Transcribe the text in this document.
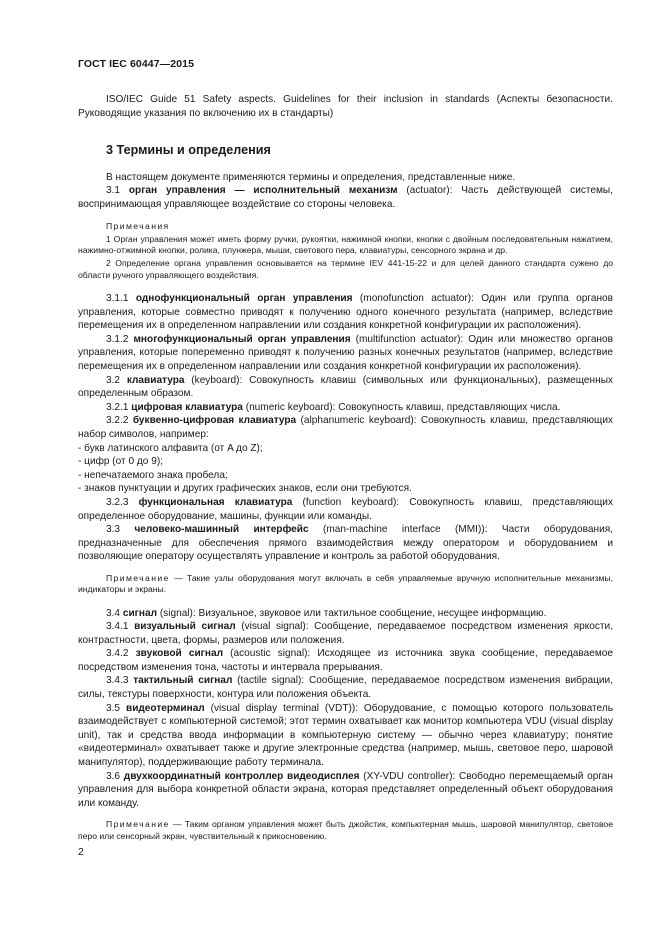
ГОСТ IEC 60447—2015

ISO/IEC Guide 51 Safety aspects. Guidelines for their inclusion in standards (Аспекты безопасности. Руководящие указания по включению их в стандарты)

3 Термины и определения

В настоящем документе применяются термины и определения, представленные ниже.

3.1 орган управления — исполнительный механизм (actuator): Часть действующей системы, воспринимающая управляющее воздействие со стороны человека.

Примечания

1 Орган управления может иметь форму ручки, рукоятки, нажимной кнопки, кнопки с двойным последовательным нажатием, нажимно-отжимной кнопки, ролика, плунжера, мыши, светового пера, клавиатуры, сенсорного экрана и др.

2 Определение органа управления основывается на термине IEV 441-15-22 и для целей данного стандарта сужено до области ручного управляющего воздействия.

3.1.1 однофункциональный орган управления (monofunction actuator): Один или группа органов управления, которые совместно приводят к получению одного конечного результата (например, вследствие перемещения их в определенном направлении или создания конкретной конфигурации их расположения).

3.1.2 многофункциональный орган управления (multifunction actuator): Один или множество органов управления, которые попеременно приводят к получению разных конечных результатов (например, вследствие перемещения их в определенном направлении или создания конкретной конфигурации их расположения).

3.2 клавиатура (keyboard): Совокупность клавиш (символьных или функциональных), размещенных определенным образом.

3.2.1 цифровая клавиатура (numeric keyboard): Совокупность клавиш, представляющих числа.

3.2.2 буквенно-цифровая клавиатура (alphanumeric keyboard): Совокупность клавиш, представляющих набор символов, например:

- букв латинского алфавита (от A до Z);
- цифр (от 0 до 9);
- непечатаемого знака пробела;
- знаков пунктуации и других графических знаков, если они требуются.

3.2.3 функциональная клавиатура (function keyboard): Совокупность клавиш, представляющих определенное оборудование, машины, функции или команды.

3.3 человеко-машинный интерфейс (man-machine interface (MMI)): Части оборудования, предназначенные для обеспечения прямого взаимодействия между оператором и оборудованием и позволяющие оператору осуществлять управление и контроль за работой оборудования.

Примечание — Такие узлы оборудования могут включать в себя управляемые вручную исполнительные механизмы, индикаторы и экраны.

3.4 сигнал (signal): Визуальное, звуковое или тактильное сообщение, несущее информацию.

3.4.1 визуальный сигнал (visual signal): Сообщение, передаваемое посредством изменения яркости, контрастности, цвета, формы, размеров или положения.

3.4.2 звуковой сигнал (acoustic signal): Исходящее из источника звука сообщение, передаваемое посредством изменения тона, частоты и интервала прерывания.

3.4.3 тактильный сигнал (tactile signal): Сообщение, передаваемое посредством изменения вибрации, силы, текстуры поверхности, контура или положения объекта.

3.5 видеотерминал (visual display terminal (VDT)): Оборудование, с помощью которого пользователь взаимодействует с компьютерной системой; этот термин охватывает как монитор компьютера VDU (visual display unit), так и средства ввода информации в компьютерную систему — обычно через клавиатуру; понятие «видеотерминал» охватывает также и другие электронные средства (например, мышь, световое перо, шаровой манипулятор), поддерживающие работу терминала.

3.6 двухкоординатный контроллер видеодисплея (XY-VDU controller): Свободно перемещаемый орган управления для выбора конкретной области экрана, которая представляет определенный объект оборудования или команду.

Примечание — Таким органом управления может быть джойстик, компьютерная мышь, шаровой манипулятор, световое перо или сенсорный экран, чувствительный к прикосновению.

2
